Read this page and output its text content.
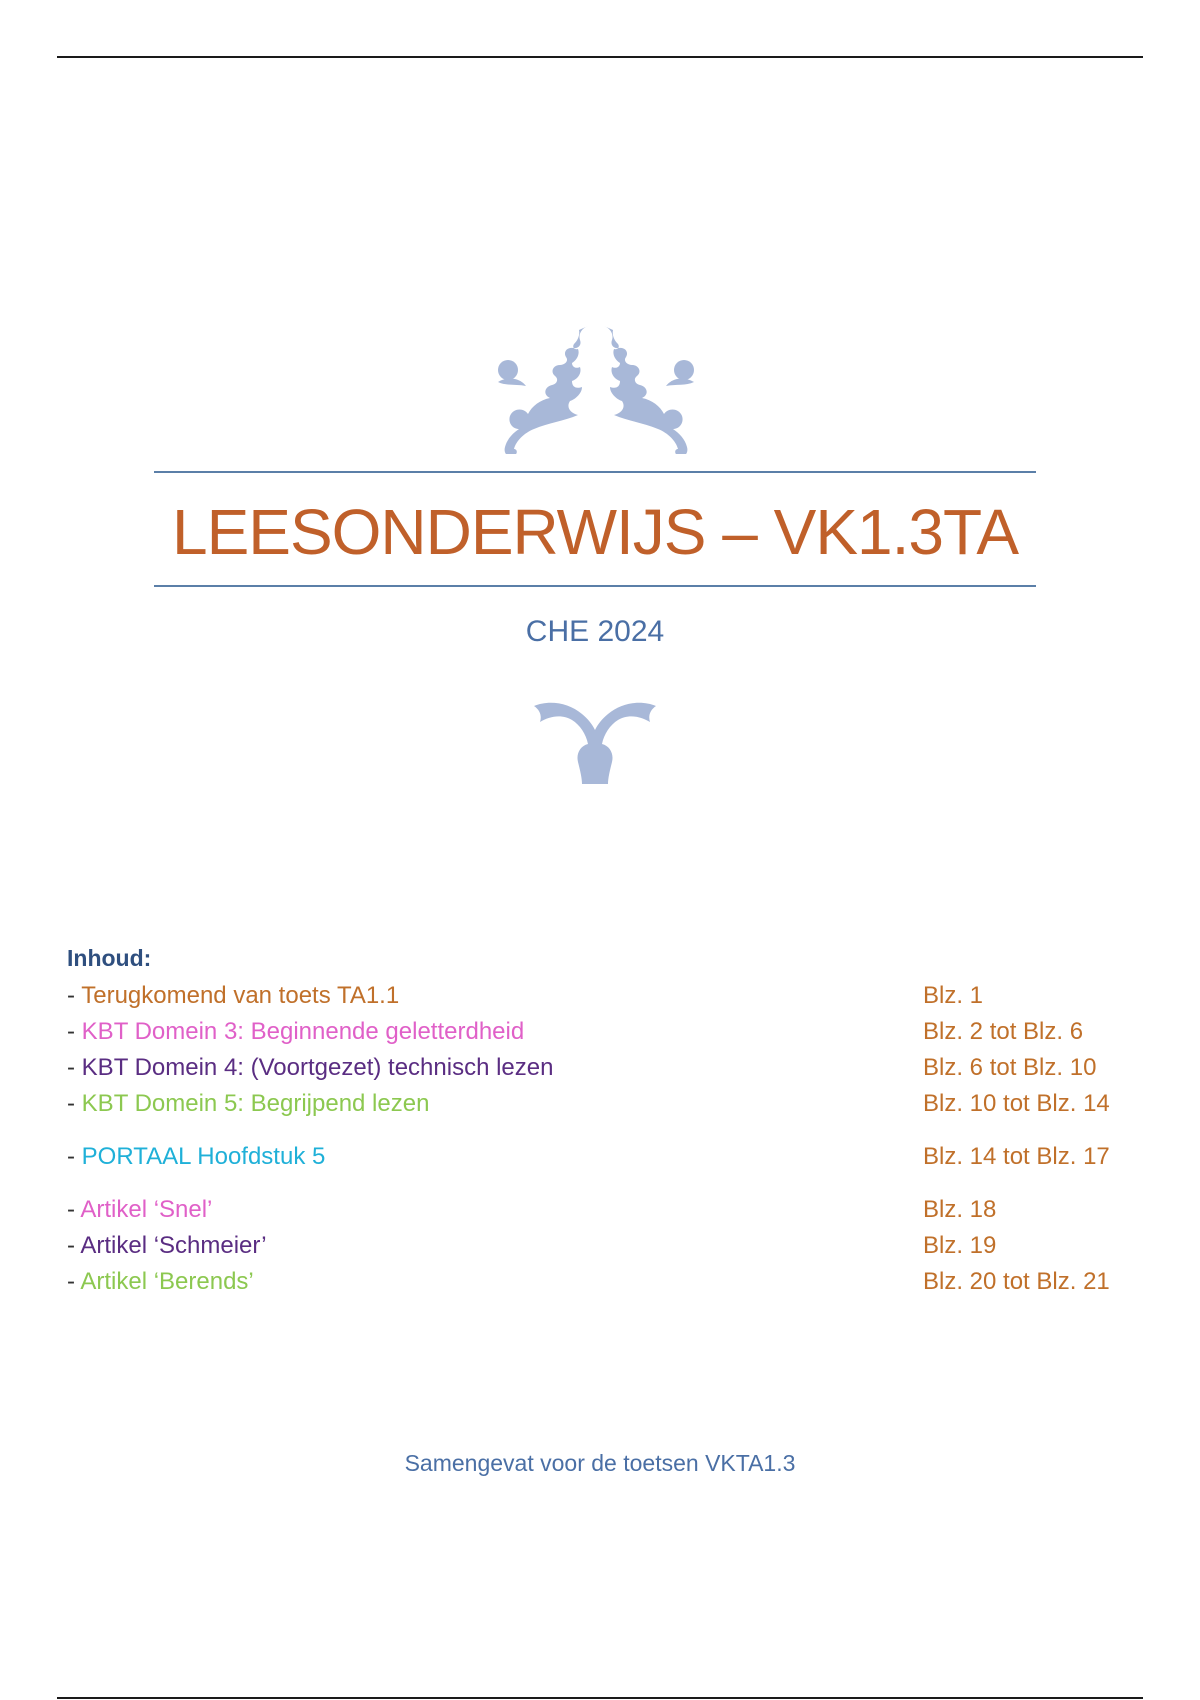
LEESONDERWIJS – VK1.3TA
CHE 2024
Inhoud:
- Terugkomend van toets TA1.1	Blz. 1
- KBT Domein 3: Beginnende geletterdheid	Blz. 2 tot Blz. 6
- KBT Domein 4: (Voortgezet) technisch lezen	Blz. 6 tot Blz. 10
- KBT Domein 5: Begrijpend lezen	Blz. 10 tot Blz. 14
- PORTAAL Hoofdstuk 5	Blz. 14 tot Blz. 17
- Artikel ‘Snel’	Blz. 18
- Artikel ‘Schmeier’	Blz. 19
- Artikel ‘Berends’	Blz. 20 tot Blz. 21
Samengevat voor de toetsen VKTA1.3
